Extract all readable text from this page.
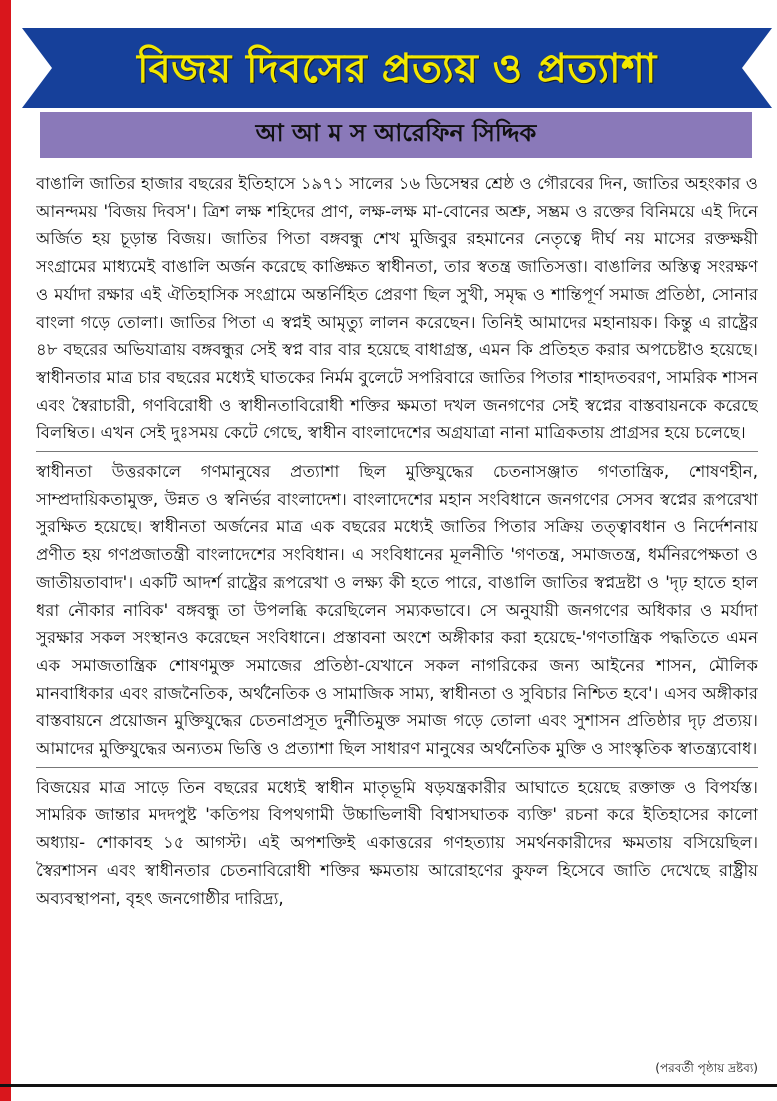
বিজয় দিবসের প্রত্যয় ও প্রত্যাশা
আ আ ম স আরেফিন সিদ্দিক

বাঙালি জাতির হাজার বছরের ইতিহাসে ১৯৭১ সালের ১৬ ডিসেম্বর শ্রেষ্ঠ ও গৌরবের দিন, জাতির অহংকার ও আনন্দময় 'বিজয় দিবস'। ত্রিশ লক্ষ শহিদের প্রাণ, লক্ষ-লক্ষ মা-বোনের অশ্রু, সম্ভ্রম ও রক্তের বিনিময়ে এই দিনে অর্জিত হয় চূড়ান্ত বিজয়। জাতির পিতা বঙ্গবন্ধু শেখ মুজিবুর রহমানের নেতৃত্বে দীর্ঘ নয় মাসের রক্তক্ষয়ী সংগ্রামের মাধ্যমেই বাঙালি অর্জন করেছে কাঙ্ক্ষিত স্বাধীনতা, তার স্বতন্ত্র জাতিসত্তা। বাঙালির অস্তিত্ব সংরক্ষণ ও মর্যাদা রক্ষার এই ঐতিহাসিক সংগ্রামে অন্তর্নিহিত প্রেরণা ছিল সুখী, সমৃদ্ধ ও শান্তিপূর্ণ সমাজ প্রতিষ্ঠা, সোনার বাংলা গড়ে তোলা। জাতির পিতা এ স্বপ্নই আমৃত্যু লালন করেছেন। তিনিই আমাদের মহানায়ক। কিন্তু এ রাষ্ট্রের ৪৮ বছরের অভিযাত্রায় বঙ্গবন্ধুর সেই স্বপ্ন বার বার হয়েছে বাধাগ্রস্ত, এমন কি প্রতিহত করার অপচেষ্টাও হয়েছে। স্বাধীনতার মাত্র চার বছরের মধ্যেই ঘাতকের নির্মম বুলেটে সপরিবারে জাতির পিতার শাহাদতবরণ, সামরিক শাসন এবং স্বৈরাচারী, গণবিরোধী ও স্বাধীনতাবিরোধী শক্তির ক্ষমতা দখল জনগণের সেই স্বপ্নের বাস্তবায়নকে করেছে বিলম্বিত। এখন সেই দুঃসময় কেটে গেছে, স্বাধীন বাংলাদেশের অগ্রযাত্রা নানা মাত্রিকতায় প্রাগ্রসর হয়ে চলেছে।

স্বাধীনতা উত্তরকালে গণমানুষের প্রত্যাশা ছিল মুক্তিযুদ্ধের চেতনাসঞ্জাত গণতান্ত্রিক, শোষণহীন, সাম্প্রদায়িকতামুক্ত, উন্নত ও স্বনির্ভর বাংলাদেশ। বাংলাদেশের মহান সংবিধানে জনগণের সেসব স্বপ্নের রূপরেখা সুরক্ষিত হয়েছে। স্বাধীনতা অর্জনের মাত্র এক বছরের মধ্যেই জাতির পিতার সক্রিয় তত্ত্বাবধান ও নির্দেশনায় প্রণীত হয় গণপ্রজাতন্ত্রী বাংলাদেশের সংবিধান। এ সংবিধানের মূলনীতি 'গণতন্ত্র, সমাজতন্ত্র, ধর্মনিরপেক্ষতা ও জাতীয়তাবাদ'। একটি আদর্শ রাষ্ট্রের রূপরেখা ও লক্ষ্য কী হতে পারে, বাঙালি জাতির স্বপ্নদ্রষ্টা ও 'দৃঢ় হাতে হাল ধরা নৌকার নাবিক' বঙ্গবন্ধু তা উপলব্ধি করেছিলেন সম্যকভাবে। সে অনুযায়ী জনগণের অধিকার ও মর্যাদা সুরক্ষার সকল সংস্থানও করেছেন সংবিধানে। প্রস্তাবনা অংশে অঙ্গীকার করা হয়েছে-'গণতান্ত্রিক পদ্ধতিতে এমন এক সমাজতান্ত্রিক শোষণমুক্ত সমাজের প্রতিষ্ঠা-যেখানে সকল নাগরিকের জন্য আইনের শাসন, মৌলিক মানবাধিকার এবং রাজনৈতিক, অর্থনৈতিক ও সামাজিক সাম্য, স্বাধীনতা ও সুবিচার নিশ্চিত হবে'। এসব অঙ্গীকার বাস্তবায়নে প্রয়োজন মুক্তিযুদ্ধের চেতনাপ্রসূত দুর্নীতিমুক্ত সমাজ গড়ে তোলা এবং সুশাসন প্রতিষ্ঠার দৃঢ় প্রত্যয়। আমাদের মুক্তিযুদ্ধের অন্যতম ভিত্তি ও প্রত্যাশা ছিল সাধারণ মানুষের অর্থনৈতিক মুক্তি ও সাংস্কৃতিক স্বাতন্ত্র্যবোধ।

বিজয়ের মাত্র সাড়ে তিন বছরের মধ্যেই স্বাধীন মাতৃভূমি ষড়যন্ত্রকারীর আঘাতে হয়েছে রক্তাক্ত ও বিপর্যস্ত। সামরিক জান্তার মদদপুষ্ট 'কতিপয় বিপথগামী উচ্চাভিলাষী বিশ্বাসঘাতক ব্যক্তি' রচনা করে ইতিহাসের কালো অধ্যায়- শোকাবহ ১৫ আগস্ট। এই অপশক্তিই একাত্তরের গণহত্যায় সমর্থনকারীদের ক্ষমতায় বসিয়েছিল। স্বৈরশাসন এবং স্বাধীনতার চেতনাবিরোধী শক্তির ক্ষমতায় আরোহণের কুফল হিসেবে জাতি দেখেছে রাষ্ট্রীয় অব্যবস্থাপনা, বৃহৎ জনগোষ্ঠীর দারিদ্র্য,

(পরবর্তী পৃষ্ঠায় দ্রষ্টব্য)
